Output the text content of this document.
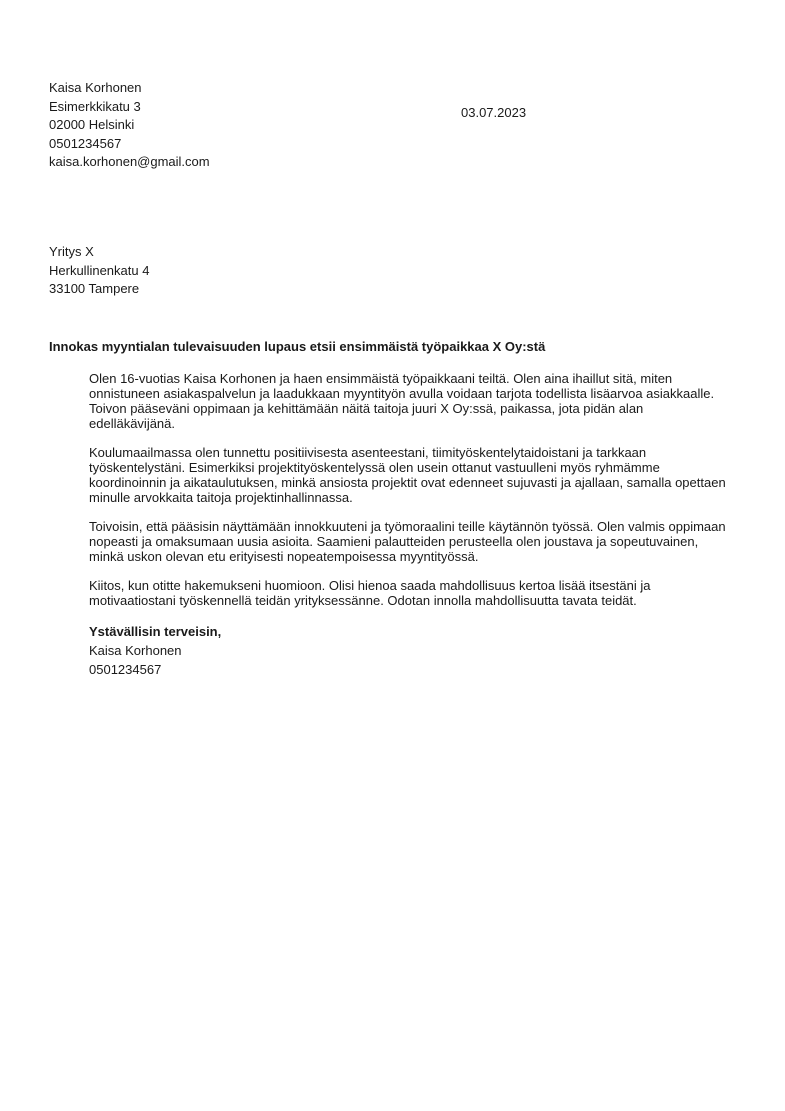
Kaisa Korhonen
Esimerkkikatu 3
02000 Helsinki
0501234567
kaisa.korhonen@gmail.com
03.07.2023
Yritys X
Herkullinenkatu 4
33100 Tampere
Innokas myyntialan tulevaisuuden lupaus etsii ensimmäistä työpaikkaa X Oy:stä

Olen 16-vuotias Kaisa Korhonen ja haen ensimmäistä työpaikkaani teiltä. Olen aina ihaillut sitä, miten onnistuneen asiakaspalvelun ja laadukkaan myyntityön avulla voidaan tarjota todellista lisäarvoa asiakkaalle. Toivon pääseväni oppimaan ja kehittämään näitä taitoja juuri X Oy:ssä, paikassa, jota pidän alan edelläkävijänä.

Koulumaailmassa olen tunnettu positiivisesta asenteestani, tiimityöskentelytaidoistani ja tarkkaan työskentelystäni. Esimerkiksi projektityöskentelyssä olen usein ottanut vastuulleni myös ryhmämme koordinoinnin ja aikataulutuksen, minkä ansiosta projektit ovat edenneet sujuvasti ja ajallaan, samalla opettaen minulle arvokkaita taitoja projektinhallinnassa.

Toivoisin, että pääsisin näyttämään innokkuuteni ja työmoraalini teille käytännön työssä. Olen valmis oppimaan nopeasti ja omaksumaan uusia asioita. Saamieni palautteiden perusteella olen joustava ja sopeutuvainen, minkä uskon olevan etu erityisesti nopeatempoisessa myyntityössä.

Kiitos, kun otitte hakemukseni huomioon. Olisi hienoa saada mahdollisuus kertoa lisää itsestäni ja motivaatiostani työskennellä teidän yrityksessänne. Odotan innolla mahdollisuutta tavata teidät.

Ystävällisin terveisin,
Kaisa Korhonen
0501234567
